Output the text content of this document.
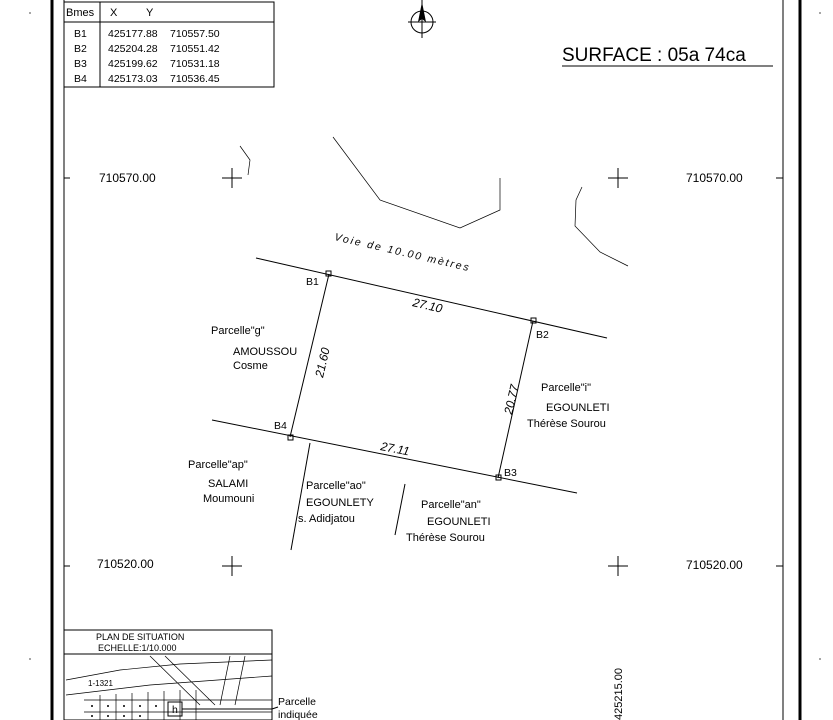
Bmes X	Y
B1 425177.88 710557.50
B2 425204.28 710551.42
B3 425199.62 710531.18
B4 425173.03 710536.45
SURFACE : 05a 74ca
710570.00	710570.00
710520.00	710520.00
425215.00
Voie de 10.00 mètres
B1
B2
B3
B4
27.10
20.77
27.11
21.60
Parcelle"g"
AMOUSSOU
Cosme
Parcelle"i"
EGOUNLETI
Thérèse Sourou
Parcelle"ap"
SALAMI
Moumouni
Parcelle"ao"
EGOUNLETY
s. Adidjatou
Parcelle"an"
EGOUNLETI
Thérèse Sourou
PLAN DE SITUATION
ECHELLE:1/10.000
1-1321
h
Parcelle
indiquée
